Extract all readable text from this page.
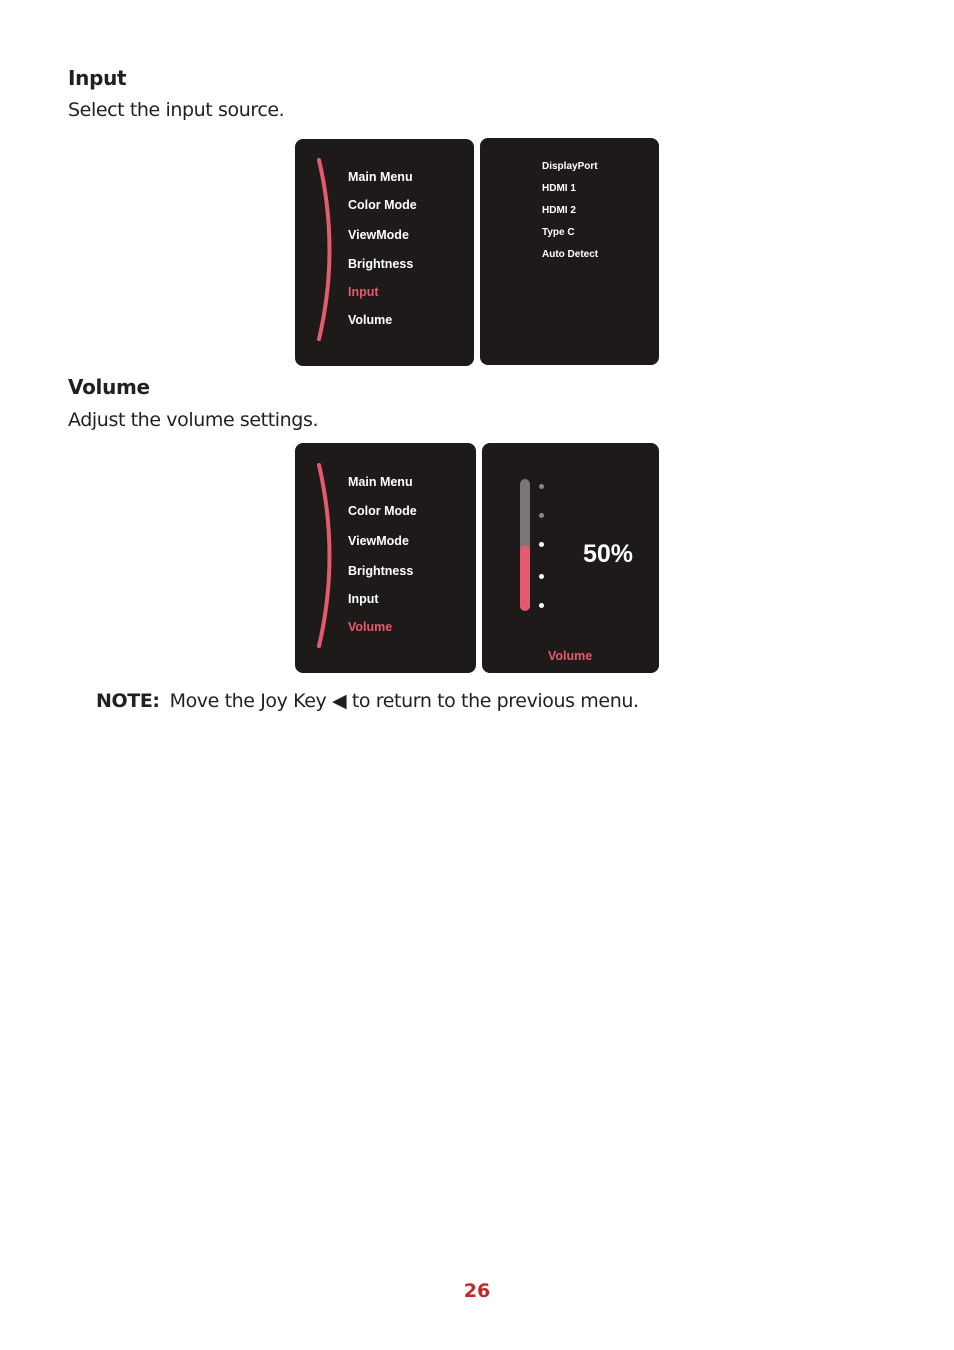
Input
Select the input source.
Main Menu
Color Mode
ViewMode
Brightness
Input
Volume
DisplayPort
HDMI 1
HDMI 2
Type C
Auto Detect
Volume
Adjust the volume settings.
Main Menu
Color Mode
ViewMode
Brightness
Input
Volume
50%
Volume
NOTE: Move the Joy Key ◀ to return to the previous menu.
26
